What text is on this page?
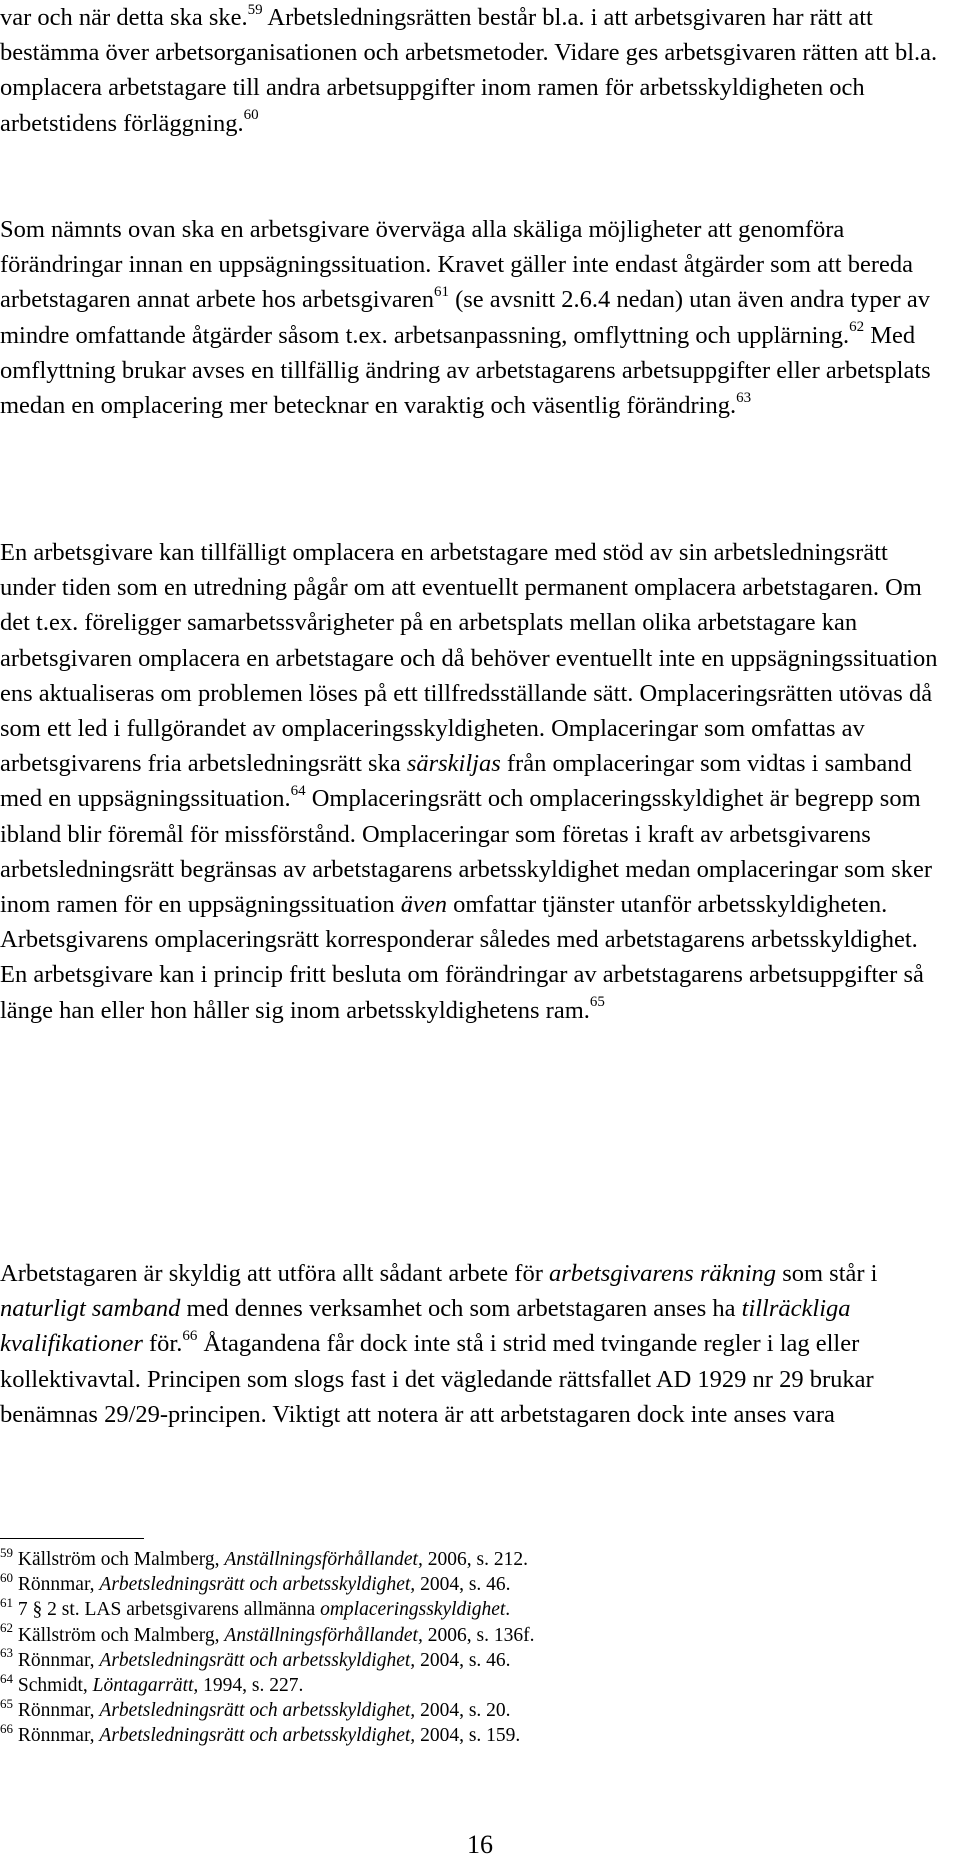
var och när detta ska ske.$^{59}$ Arbetsledningsrätten består bl.a. i att arbetsgivaren har rätt att bestämma över arbetsorganisationen och arbetsmetoder. Vidare ges arbetsgivaren rätten att bl.a. omplacera arbetstagare till andra arbetsuppgifter inom ramen för arbetsskyldigheten och arbetstidens förläggning.$^{60}$

Som nämnts ovan ska en arbetsgivare överväga alla skäliga möjligheter att genomföra förändringar innan en uppsägningssituation. Kravet gäller inte endast åtgärder som att bereda arbetstagaren annat arbete hos arbetsgivaren$^{61}$ (se avsnitt 2.6.4 nedan) utan även andra typer av mindre omfattande åtgärder såsom t.ex. arbetsanpassning, omflyttning och upplärning.$^{62}$ Med omflyttning brukar avses en tillfällig ändring av arbetstagarens arbetsuppgifter eller arbetsplats medan en omplacering mer betecknar en varaktig och väsentlig förändring.$^{63}$

En arbetsgivare kan tillfälligt omplacera en arbetstagare med stöd av sin arbetsledningsrätt under tiden som en utredning pågår om att eventuellt permanent omplacera arbetstagaren. Om det t.ex. föreligger samarbetssvårigheter på en arbetsplats mellan olika arbetstagare kan arbetsgivaren omplacera en arbetstagare och då behöver eventuellt inte en uppsägningssituation ens aktualiseras om problemen löses på ett tillfredsställande sätt. Omplaceringsrätten utövas då som ett led i fullgörandet av omplaceringsskyldigheten. Omplaceringar som omfattas av arbetsgivarens fria arbetsledningsrätt ska särskiljas från omplaceringar som vidtas i samband med en uppsägningssituation.$^{64}$ Omplaceringsrätt och omplaceringsskyldighet är begrepp som ibland blir föremål för missförstånd. Omplaceringar som företas i kraft av arbetsgivarens arbetsledningsrätt begränsas av arbetstagarens arbetsskyldighet medan omplaceringar som sker inom ramen för en uppsägningssituation även omfattar tjänster utanför arbetsskyldigheten. Arbetsgivarens omplaceringsrätt korresponderar således med arbetstagarens arbetsskyldighet. En arbetsgivare kan i princip fritt besluta om förändringar av arbetstagarens arbetsuppgifter så länge han eller hon håller sig inom arbetsskyldighetens ram.$^{65}$

Arbetstagaren är skyldig att utföra allt sådant arbete för arbetsgivarens räkning som står i naturligt samband med dennes verksamhet och som arbetstagaren anses ha tillräckliga kvalifikationer för.$^{66}$ Åtagandena får dock inte stå i strid med tvingande regler i lag eller kollektivavtal. Principen som slogs fast i det vägledande rättsfallet AD 1929 nr 29 brukar benämnas 29/29-principen. Viktigt att notera är att arbetstagaren dock inte anses vara

$^{59}$ Källström och Malmberg, Anställningsförhållandet, 2006, s. 212.
$^{60}$ Rönnmar, Arbetsledningsrätt och arbetsskyldighet, 2004, s. 46.
$^{61}$ 7 § 2 st. LAS arbetsgivarens allmänna omplaceringsskyldighet.
$^{62}$ Källström och Malmberg, Anställningsförhållandet, 2006, s. 136f.
$^{63}$ Rönnmar, Arbetsledningsrätt och arbetsskyldighet, 2004, s. 46.
$^{64}$ Schmidt, Löntagarrätt, 1994, s. 227.
$^{65}$ Rönnmar, Arbetsledningsrätt och arbetsskyldighet, 2004, s. 20.
$^{66}$ Rönnmar, Arbetsledningsrätt och arbetsskyldighet, 2004, s. 159.
16
